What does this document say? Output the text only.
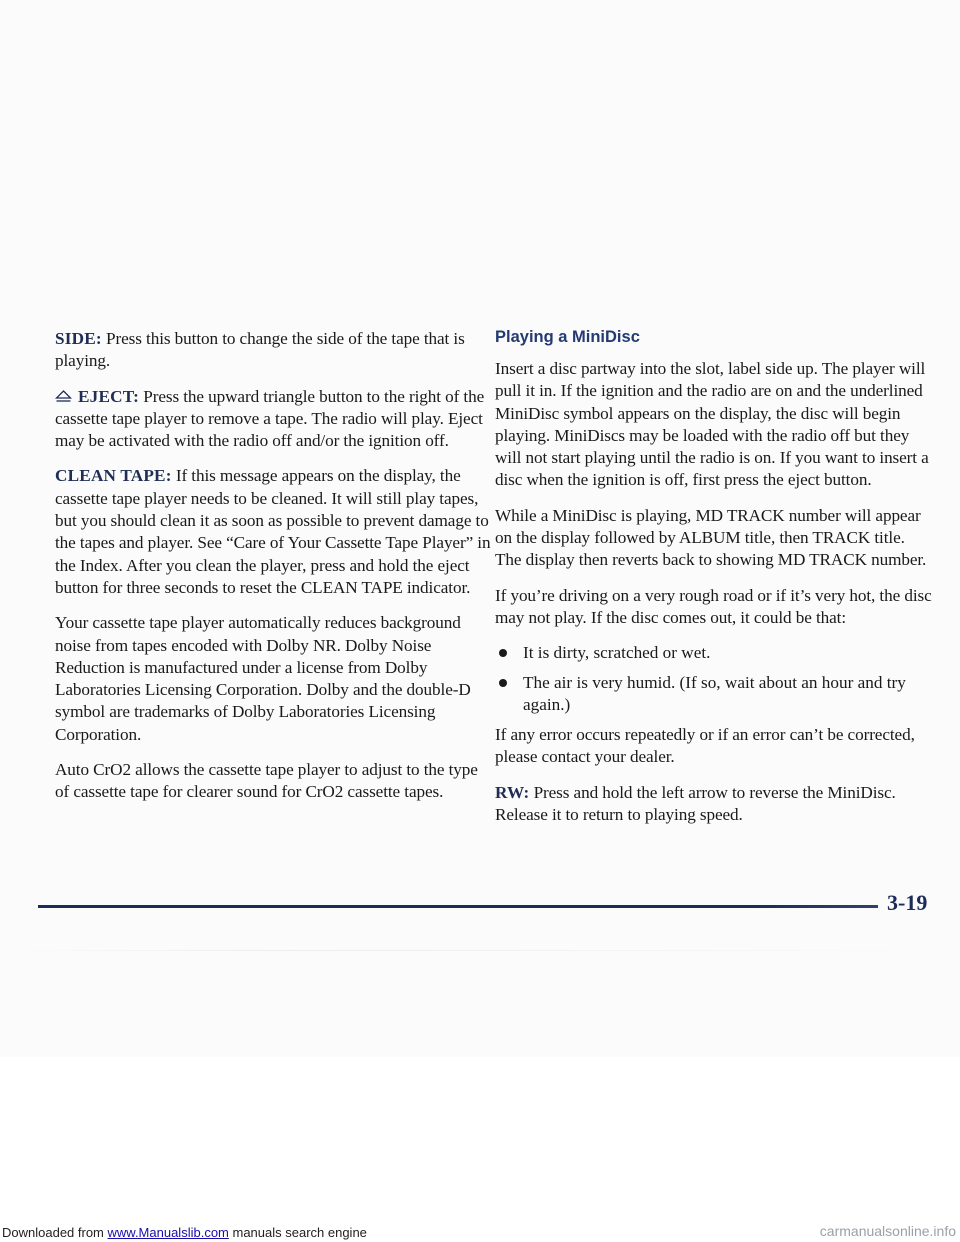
SIDE: Press this button to change the side of the tape that is playing.

EJECT: Press the upward triangle button to the right of the cassette tape player to remove a tape. The radio will play. Eject may be activated with the radio off and/or the ignition off.

CLEAN TAPE: If this message appears on the display, the cassette tape player needs to be cleaned. It will still play tapes, but you should clean it as soon as possible to prevent damage to the tapes and player. See “Care of Your Cassette Tape Player” in the Index. After you clean the player, press and hold the eject button for three seconds to reset the CLEAN TAPE indicator.

Your cassette tape player automatically reduces background noise from tapes encoded with Dolby NR. Dolby Noise Reduction is manufactured under a license from Dolby Laboratories Licensing Corporation. Dolby and the double-D symbol are trademarks of Dolby Laboratories Licensing Corporation.

Auto CrO2 allows the cassette tape player to adjust to the type of cassette tape for clearer sound for CrO2 cassette tapes.

Playing a MiniDisc

Insert a disc partway into the slot, label side up. The player will pull it in. If the ignition and the radio are on and the underlined MiniDisc symbol appears on the display, the disc will begin playing. MiniDiscs may be loaded with the radio off but they will not start playing until the radio is on. If you want to insert a disc when the ignition is off, first press the eject button.

While a MiniDisc is playing, MD TRACK number will appear on the display followed by ALBUM title, then TRACK title. The display then reverts back to showing MD TRACK number.

If you’re driving on a very rough road or if it’s very hot, the disc may not play. If the disc comes out, it could be that:

It is dirty, scratched or wet.
The air is very humid. (If so, wait about an hour and try again.)

If any error occurs repeatedly or if an error can’t be corrected, please contact your dealer.

RW: Press and hold the left arrow to reverse the MiniDisc. Release it to return to playing speed.

3-19
Downloaded from www.Manualslib.com manuals search engine	carmanualsonline.info
